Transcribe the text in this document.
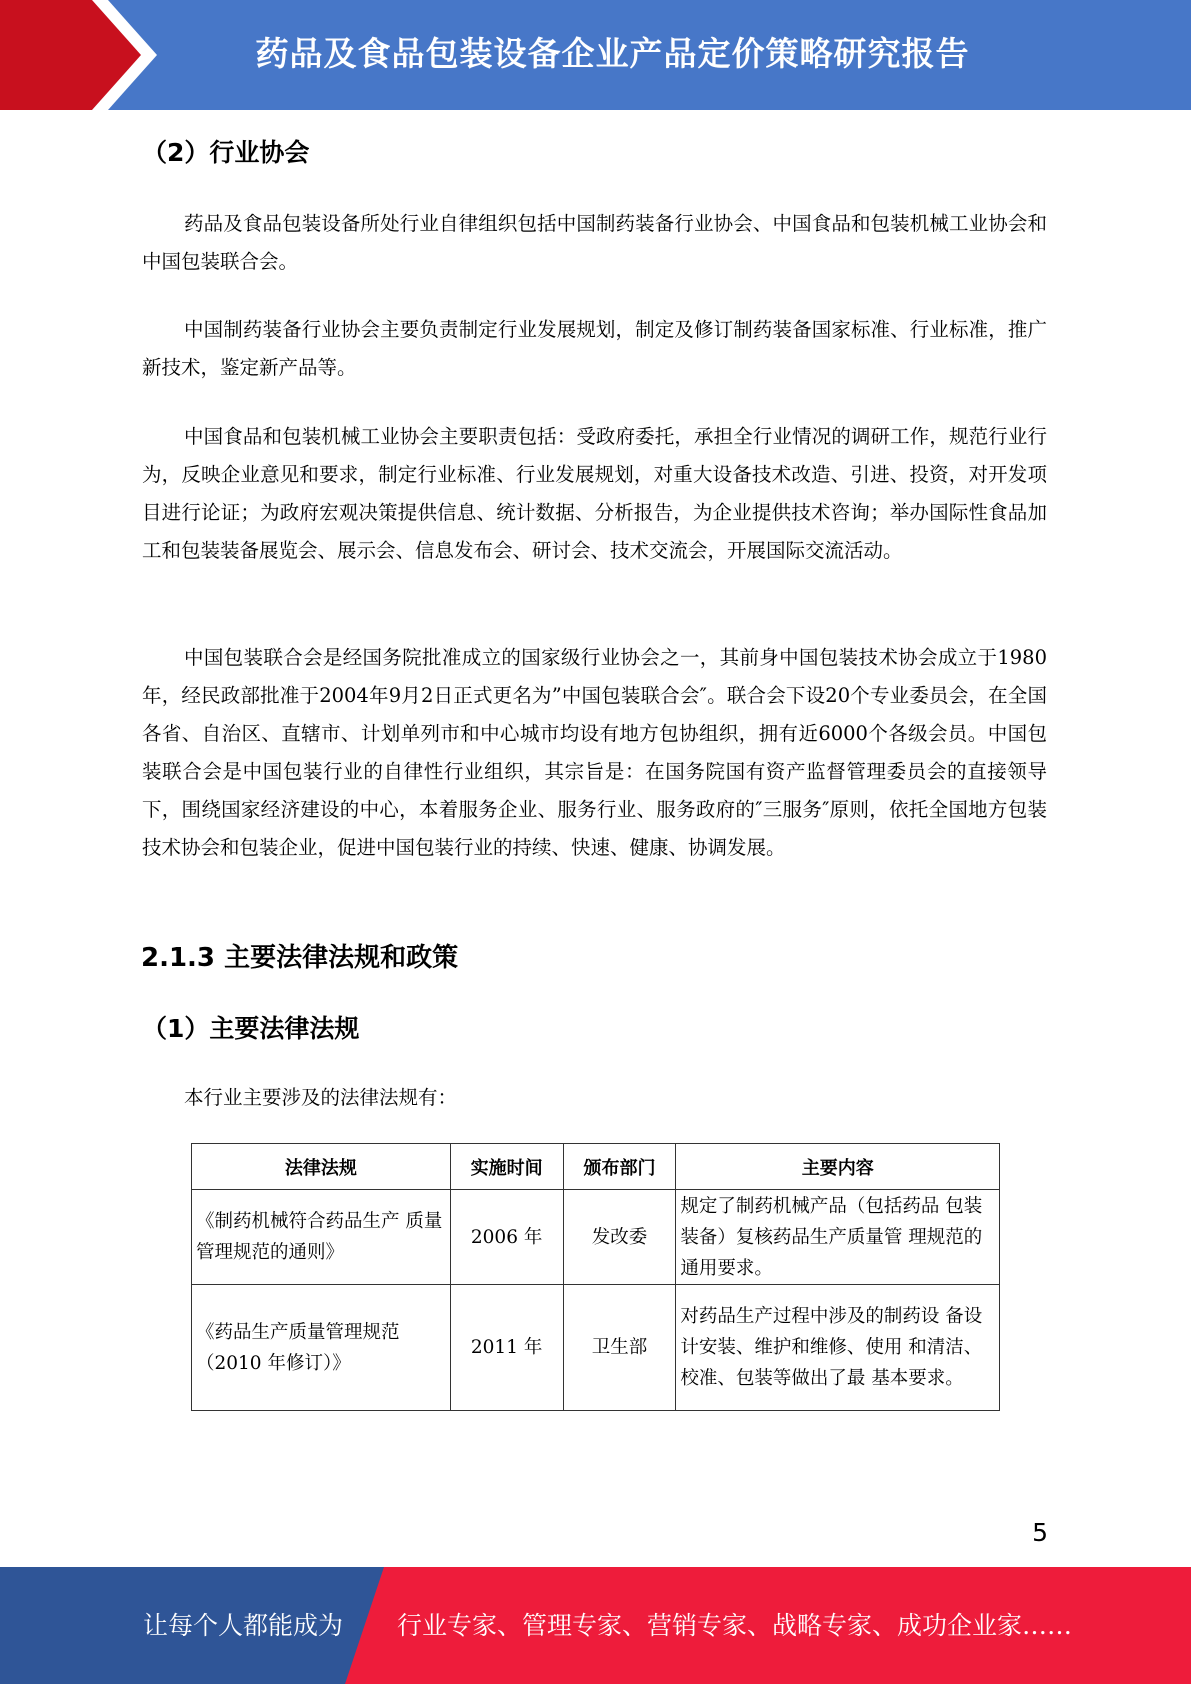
药品及食品包装设备企业产品定价策略研究报告
（2）行业协会

药品及食品包装设备所处行业自律组织包括中国制药装备行业协会、中国食品和包装机械工业协会和中国包装联合会。

中国制药装备行业协会主要负责制定行业发展规划，制定及修订制药装备国家标准、行业标准，推广新技术，鉴定新产品等。

中国食品和包装机械工业协会主要职责包括：受政府委托，承担全行业情况的调研工作，规范行业行为，反映企业意见和要求，制定行业标准、行业发展规划，对重大设备技术改造、引进、投资，对开发项目进行论证；为政府宏观决策提供信息、统计数据、分析报告，为企业提供技术咨询；举办国际性食品加工和包装装备展览会、展示会、信息发布会、研讨会、技术交流会，开展国际交流活动。

中国包装联合会是经国务院批准成立的国家级行业协会之一，其前身中国包装技术协会成立于1980年，经民政部批准于2004年9月2日正式更名为”中国包装联合会″。联合会下设20个专业委员会，在全国各省、自治区、直辖市、计划单列市和中心城市均设有地方包协组织，拥有近6000个各级会员。中国包装联合会是中国包装行业的自律性行业组织，其宗旨是：在国务院国有资产监督管理委员会的直接领导下，围绕国家经济建设的中心，本着服务企业、服务行业、服务政府的″三服务″原则，依托全国地方包装技术协会和包装企业，促进中国包装行业的持续、快速、健康、协调发展。

2.1.3 主要法律法规和政策
（1）主要法律法规

本行业主要涉及的法律法规有：

法律法规	实施时间	颁布部门	主要内容
《制药机械符合药品生产 质量管理规范的通则》	2006 年	发改委	规定了制药机械产品（包括药品 包装装备）复核药品生产质量管 理规范的通用要求。
《药品生产质量管理规范（2010 年修订）》	2011 年	卫生部	对药品生产过程中涉及的制药设 备设计安装、维护和维修、使用 和清洁、校准、包装等做出了最 基本要求。
5
让每个人都能成为 行业专家、管理专家、营销专家、战略专家、成功企业家……
